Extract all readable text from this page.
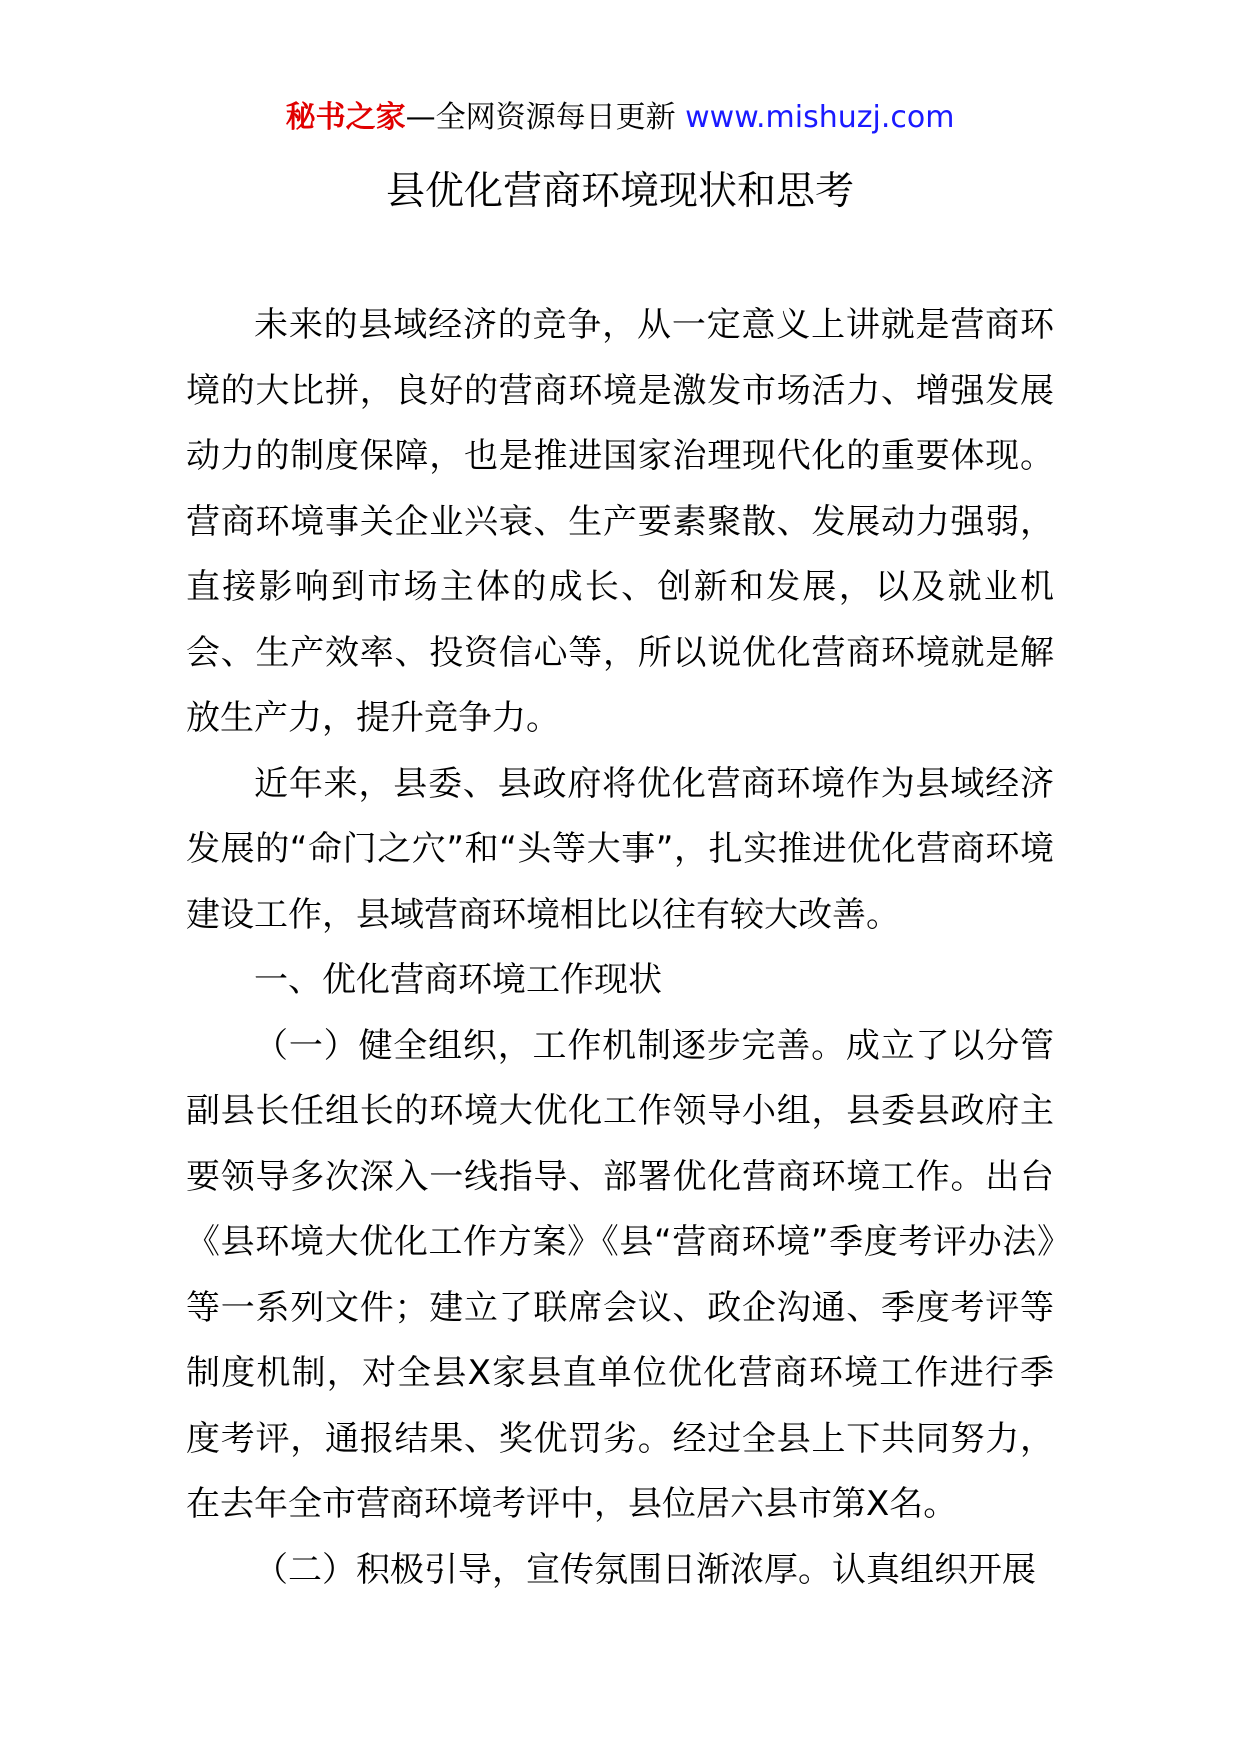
秘书之家—全网资源每日更新 www.mishuzj.com
县优化营商环境现状和思考

未来的县域经济的竞争，从一定意义上讲就是营商环境的大比拼，良好的营商环境是激发市场活力、增强发展动力的制度保障，也是推进国家治理现代化的重要体现。营商环境事关企业兴衰、生产要素聚散、发展动力强弱，直接影响到市场主体的成长、创新和发展，以及就业机会、生产效率、投资信心等，所以说优化营商环境就是解放生产力，提升竞争力。

近年来，县委、县政府将优化营商环境作为县域经济发展的“命门之穴”和“头等大事”，扎实推进优化营商环境建设工作，县域营商环境相比以往有较大改善。

一、优化营商环境工作现状

（一）健全组织，工作机制逐步完善。成立了以分管副县长任组长的环境大优化工作领导小组，县委县政府主要领导多次深入一线指导、部署优化营商环境工作。出台《县环境大优化工作方案》《县“营商环境”季度考评办法》等一系列文件；建立了联席会议、政企沟通、季度考评等制度机制，对全县X家县直单位优化营商环境工作进行季度考评，通报结果、奖优罚劣。经过全县上下共同努力，在去年全市营商环境考评中，县位居六县市第X名。

（二）积极引导，宣传氛围日渐浓厚。认真组织开展
